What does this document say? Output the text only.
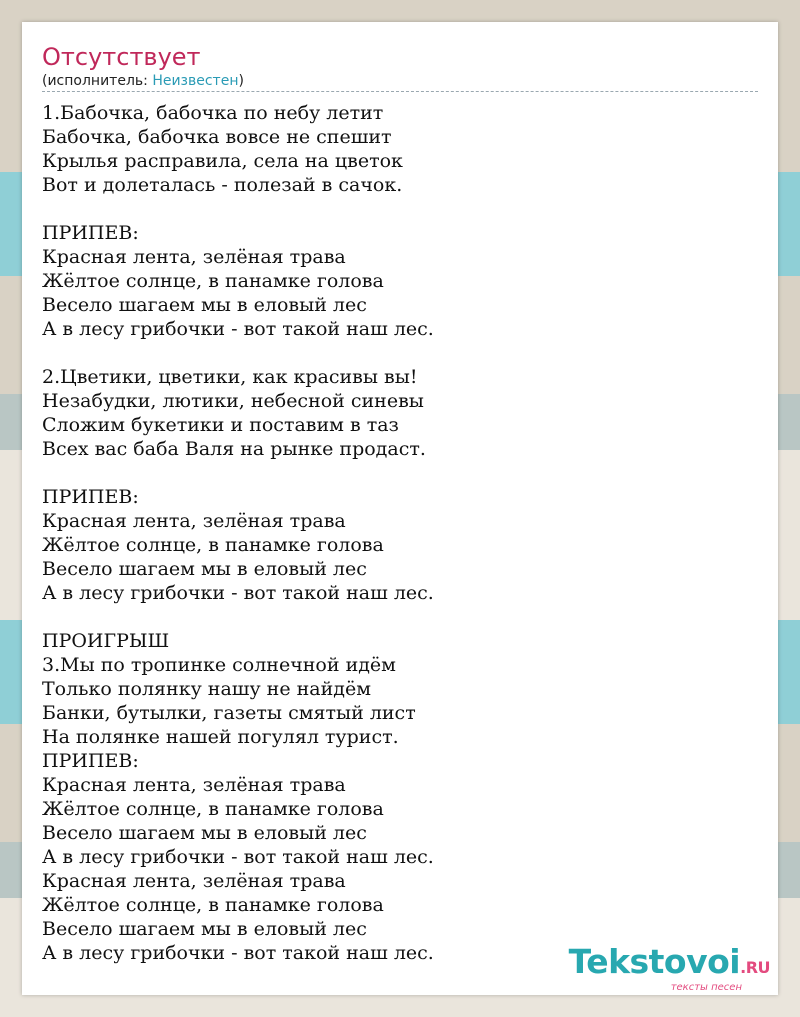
Отсутствует
(исполнитель: Неизвестен)
1.Бабочка, бабочка по небу летит
Бабочка, бабочка вовсе не спешит
Крылья расправила, села на цветок
Вот и долеталась - полезай в сачок.
ПРИПЕВ:
Красная лента, зелёная трава
Жёлтое солнце, в панамке голова
Весело шагаем мы в еловый лес
А в лесу грибочки - вот такой наш лес.
2.Цветики, цветики, как красивы вы!
Незабудки, лютики, небесной синевы
Сложим букетики и поставим в таз
Всех вас баба Валя на рынке продаст.
ПРИПЕВ:
Красная лента, зелёная трава
Жёлтое солнце, в панамке голова
Весело шагаем мы в еловый лес
А в лесу грибочки - вот такой наш лес.
ПРОИГРЫШ
3.Мы по тропинке солнечной идём
Только полянку нашу не найдём
Банки, бутылки, газеты смятый лист
На полянке нашей погулял турист.
ПРИПЕВ:
Красная лента, зелёная трава
Жёлтое солнце, в панамке голова
Весело шагаем мы в еловый лес
А в лесу грибочки - вот такой наш лес.
Красная лента, зелёная трава
Жёлтое солнце, в панамке голова
Весело шагаем мы в еловый лес
А в лесу грибочки - вот такой наш лес.	Tekstovoi.RU
тексты песен
